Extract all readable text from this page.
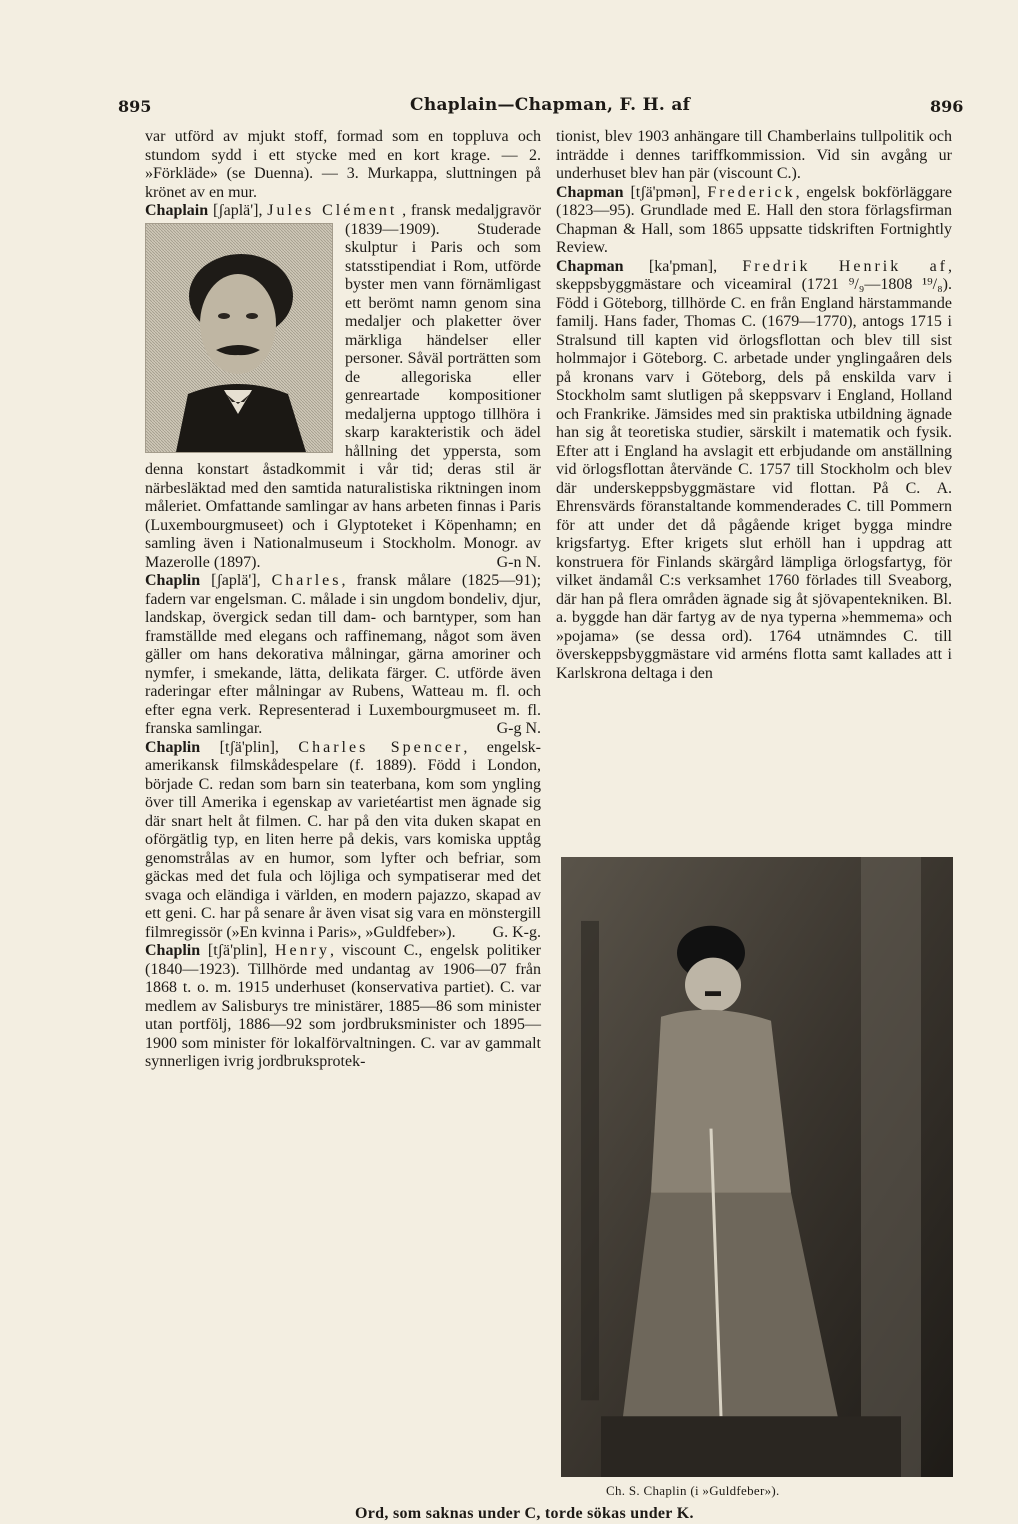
895	Chaplain—Chapman, F. H. af	896

var utförd av mjukt stoff, formad som en toppluva och stundom sydd i ett stycke med en kort krage. — 2. »Förkläde» (se Duenna). — 3. Murkappa, sluttningen på krönet av en mur.

Chaplain [ʃaplä'], Jules Clément , fransk medaljgravör (1839—1909). Studerade skulptur i Paris och som statsstipendiat i Rom, utförde byster men vann förnämligast ett berömt namn genom sina medaljer och plaketter över märkliga händelser eller personer. Såväl porträtten som de allegoriska eller genreartade kompositioner medaljerna upptogo tillhöra i skarp karakteristik och ädel hållning det yppersta, som denna konstart åstadkommit i vår tid; deras stil är närbesläktad med den samtida naturalistiska riktningen inom måleriet. Omfattande samlingar av hans arbeten finnas i Paris (Luxembourgmuseet) och i Glyptoteket i Köpenhamn; en samling även i Nationalmuseum i Stockholm. Monogr. av Mazerolle (1897).	G-n N.

Chaplin [ʃaplä'], Charles, fransk målare (1825—91); fadern var engelsman. C. målade i sin ungdom bondeliv, djur, landskap, övergick sedan till dam- och barntyper, som han framställde med elegans och raffinemang, något som även gäller om hans dekorativa målningar, gärna amoriner och nymfer, i smekande, lätta, delikata färger. C. utförde även raderingar efter målningar av Rubens, Watteau m. fl. och efter egna verk. Representerad i Luxembourgmuseet m. fl. franska samlingar.	G-g N.

Chaplin [tʃä'plin], Charles Spencer, engelsk-amerikansk filmskådespelare (f. 1889). Född i London, började C. redan som barn sin teaterbana, kom som yngling över till Amerika i egenskap av varietéartist men ägnade sig där snart helt åt filmen. C. har på den vita duken skapat en oförgätlig typ, en liten herre på dekis, vars komiska upptåg genomstrålas av en humor, som lyfter och befriar, som gäckas med det fula och löjliga och sympatiserar med det svaga och eländiga i världen, en modern pajazzo, skapad av ett geni. C. har på senare år även visat sig vara en mönstergill filmregissör (»En kvinna i Paris», »Guldfeber»). G. K-g.

Chaplin [tʃä'plin], Henry, viscount C., engelsk politiker (1840—1923). Tillhörde med undantag av 1906—07 från 1868 t. o. m. 1915 underhuset (konservativa partiet). C. var medlem av Salisburys tre ministärer, 1885—86 som minister utan portfölj, 1886—92 som jordbruksminister och 1895—1900 som minister för lokalförvaltningen. C. var av gammalt synnerligen ivrig jordbruksprotek-

tionist, blev 1903 anhängare till Chamberlains tullpolitik och inträdde i dennes tariffkommission. Vid sin avgång ur underhuset blev han pär (viscount C.).

Chapman [tʃä'pmən], Frederick, engelsk bokförläggare (1823—95). Grundlade med E. Hall den stora förlagsfirman Chapman & Hall, som 1865 uppsatte tidskriften Fortnightly Review.

Chapman [ka'pman], Fredrik Henrik af, skeppsbyggmästare och viceamiral (1721 ⁹/₉—1808 ¹⁹/₈). Född i Göteborg, tillhörde C. en från England härstammande familj. Hans fader, Thomas C. (1679—1770), antogs 1715 i Stralsund till kapten vid örlogsflottan och blev till sist holmmajor i Göteborg. C. arbetade under ynglingaåren dels på kronans varv i Göteborg, dels på enskilda varv i Stockholm samt slutligen på skeppsvarv i England, Holland och Frankrike. Jämsides med sin praktiska utbildning ägnade han sig åt teoretiska studier, särskilt i matematik och fysik. Efter att i England ha avslagit ett erbjudande om anställning vid örlogsflottan återvände C. 1757 till Stockholm och blev där underskeppsbyggmästare vid flottan. På C. A. Ehrensvärds föranstaltande kommenderades C. till Pommern för att under det då pågående kriget bygga mindre krigsfartyg. Efter krigets slut erhöll han i uppdrag att konstruera för Finlands skärgård lämpliga örlogsfartyg, för vilket ändamål C:s verksamhet 1760 förlades till Sveaborg, där han på flera områden ägnade sig åt sjövapentekniken. Bl. a. byggde han där fartyg av de nya typerna »hemmema» och »pojama» (se dessa ord). 1764 utnämndes C. till överskeppsbyggmästare vid arméns flotta samt kallades att i Karlskrona deltaga i den

Ch. S. Chaplin (i »Guldfeber»).
Ord, som saknas under C, torde sökas under K.
